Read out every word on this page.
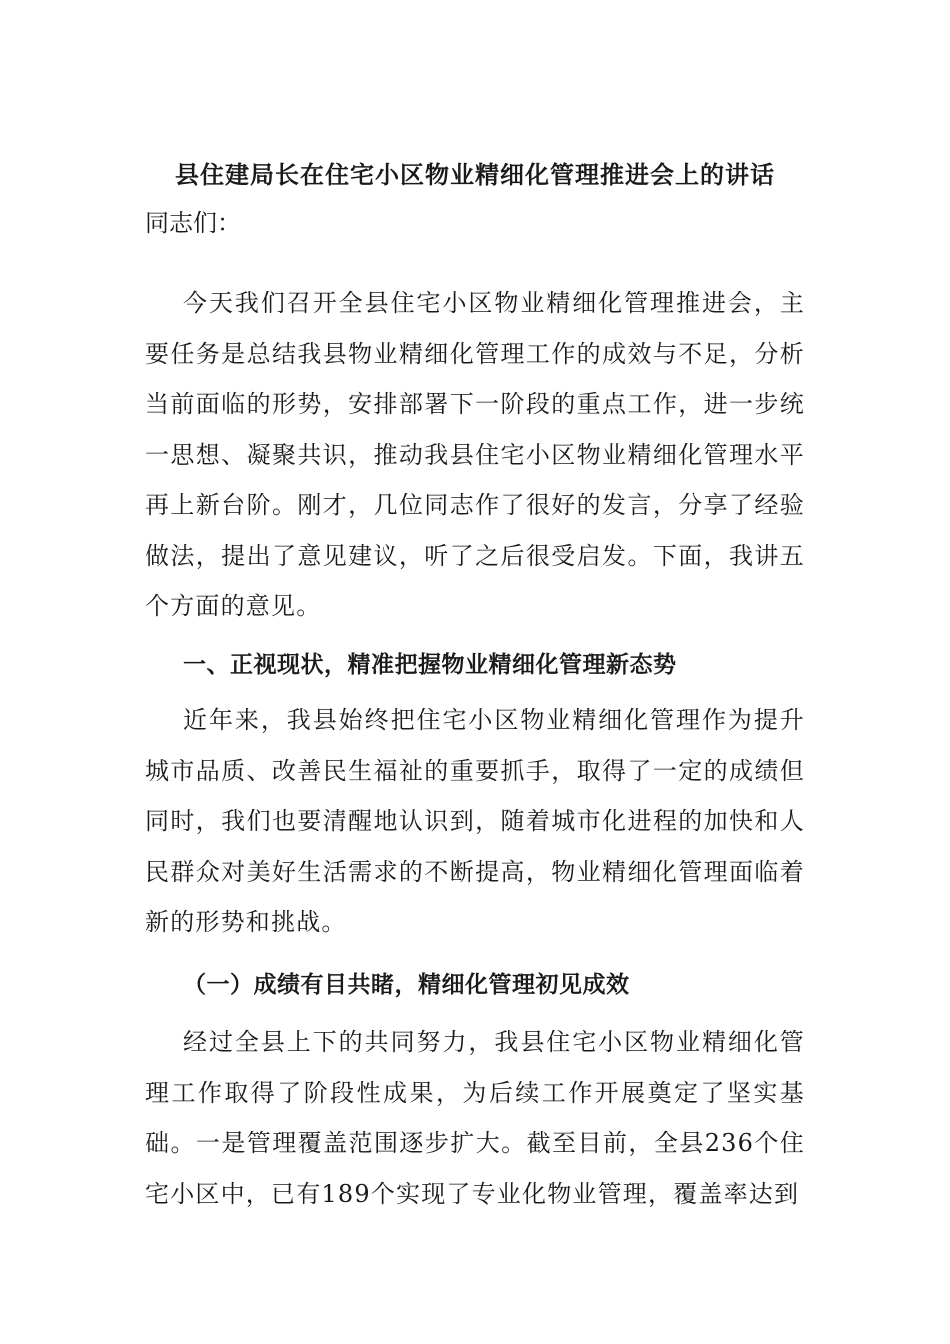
县住建局长在住宅小区物业精细化管理推进会上的讲话
同志们：
今天我们召开全县住宅小区物业精细化管理推进会，主要任务是总结我县物业精细化管理工作的成效与不足，分析当前面临的形势，安排部署下一阶段的重点工作，进一步统一思想、凝聚共识，推动我县住宅小区物业精细化管理水平再上新台阶。刚才，几位同志作了很好的发言，分享了经验做法，提出了意见建议，听了之后很受启发。下面，我讲五个方面的意见。
一、正视现状，精准把握物业精细化管理新态势
近年来，我县始终把住宅小区物业精细化管理作为提升城市品质、改善民生福祉的重要抓手，取得了一定的成绩但同时，我们也要清醒地认识到，随着城市化进程的加快和人民群众对美好生活需求的不断提高，物业精细化管理面临着新的形势和挑战。
（一）成绩有目共睹，精细化管理初见成效
经过全县上下的共同努力，我县住宅小区物业精细化管理工作取得了阶段性成果，为后续工作开展奠定了坚实基础。一是管理覆盖范围逐步扩大。截至目前，全县236个住宅小区中，已有189个实现了专业化物业管理，覆盖率达到
